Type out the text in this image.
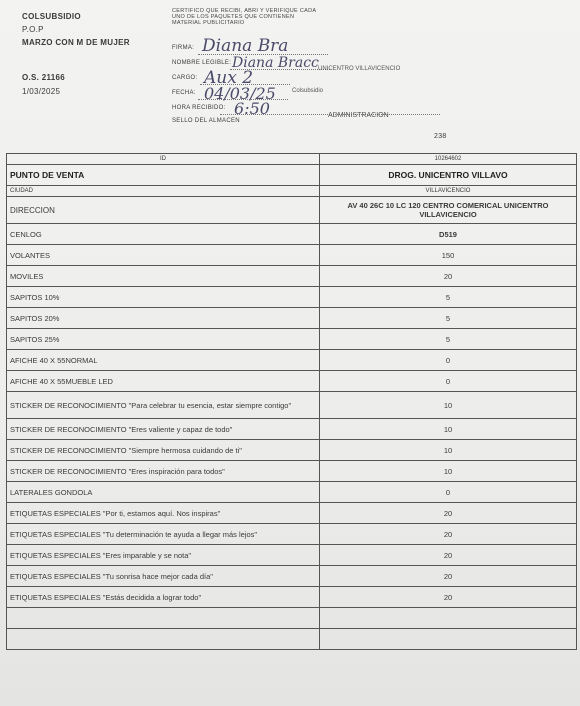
COLSUBSIDIO
P.O.P
MARZO CON M DE MUJER
O.S. 21166
1/03/2025
CERTIFICO QUE RECIBI, ABRI Y VERIFIQUE CADA UNO DE LOS PAQUETES QUE CONTIENEN MATERIAL PUBLICITARIO
FIRMA:
NOMBRE LEGIBLE:
CARGO:
FECHA:
HORA RECIBIDO:
SELLO DEL ALMACEN
Diana Bra
Diana Bracc
Aux 2
04/03/25
6:50
UNICENTRO VILLAVICENCIO
Colsubsidio
ADMINISTRACION
238
ID	10264602
PUNTO DE VENTA	DROG. UNICENTRO VILLAVO
CIUDAD	VILLAVICENCIO
DIRECCION	AV 40 26C 10 LC 120 CENTRO COMERICAL UNICENTRO VILLAVICENCIO
CENLOG	D519
VOLANTES	150
MOVILES	20
SAPITOS 10%	5
SAPITOS 20%	5
SAPITOS 25%	5
AFICHE 40 X 55NORMAL	0
AFICHE 40 X 55MUEBLE LED	0
STICKER DE RECONOCIMIENTO "Para celebrar tu esencia, estar siempre contigo"	10
STICKER DE RECONOCIMIENTO "Eres valiente y capaz de todo"	10
STICKER DE RECONOCIMIENTO "Siempre hermosa cuidando de ti"	10
STICKER DE RECONOCIMIENTO "Eres inspiración para todos"	10
LATERALES GONDOLA	0
ETIQUETAS ESPECIALES "Por ti, estamos aquí. Nos inspiras"	20
ETIQUETAS ESPECIALES "Tu determinación te ayuda a llegar más lejos"	20
ETIQUETAS ESPECIALES "Eres imparable y se nota"	20
ETIQUETAS ESPECIALES "Tu sonrisa hace mejor cada día"	20
ETIQUETAS ESPECIALES "Estás decidida a lograr todo"	20
